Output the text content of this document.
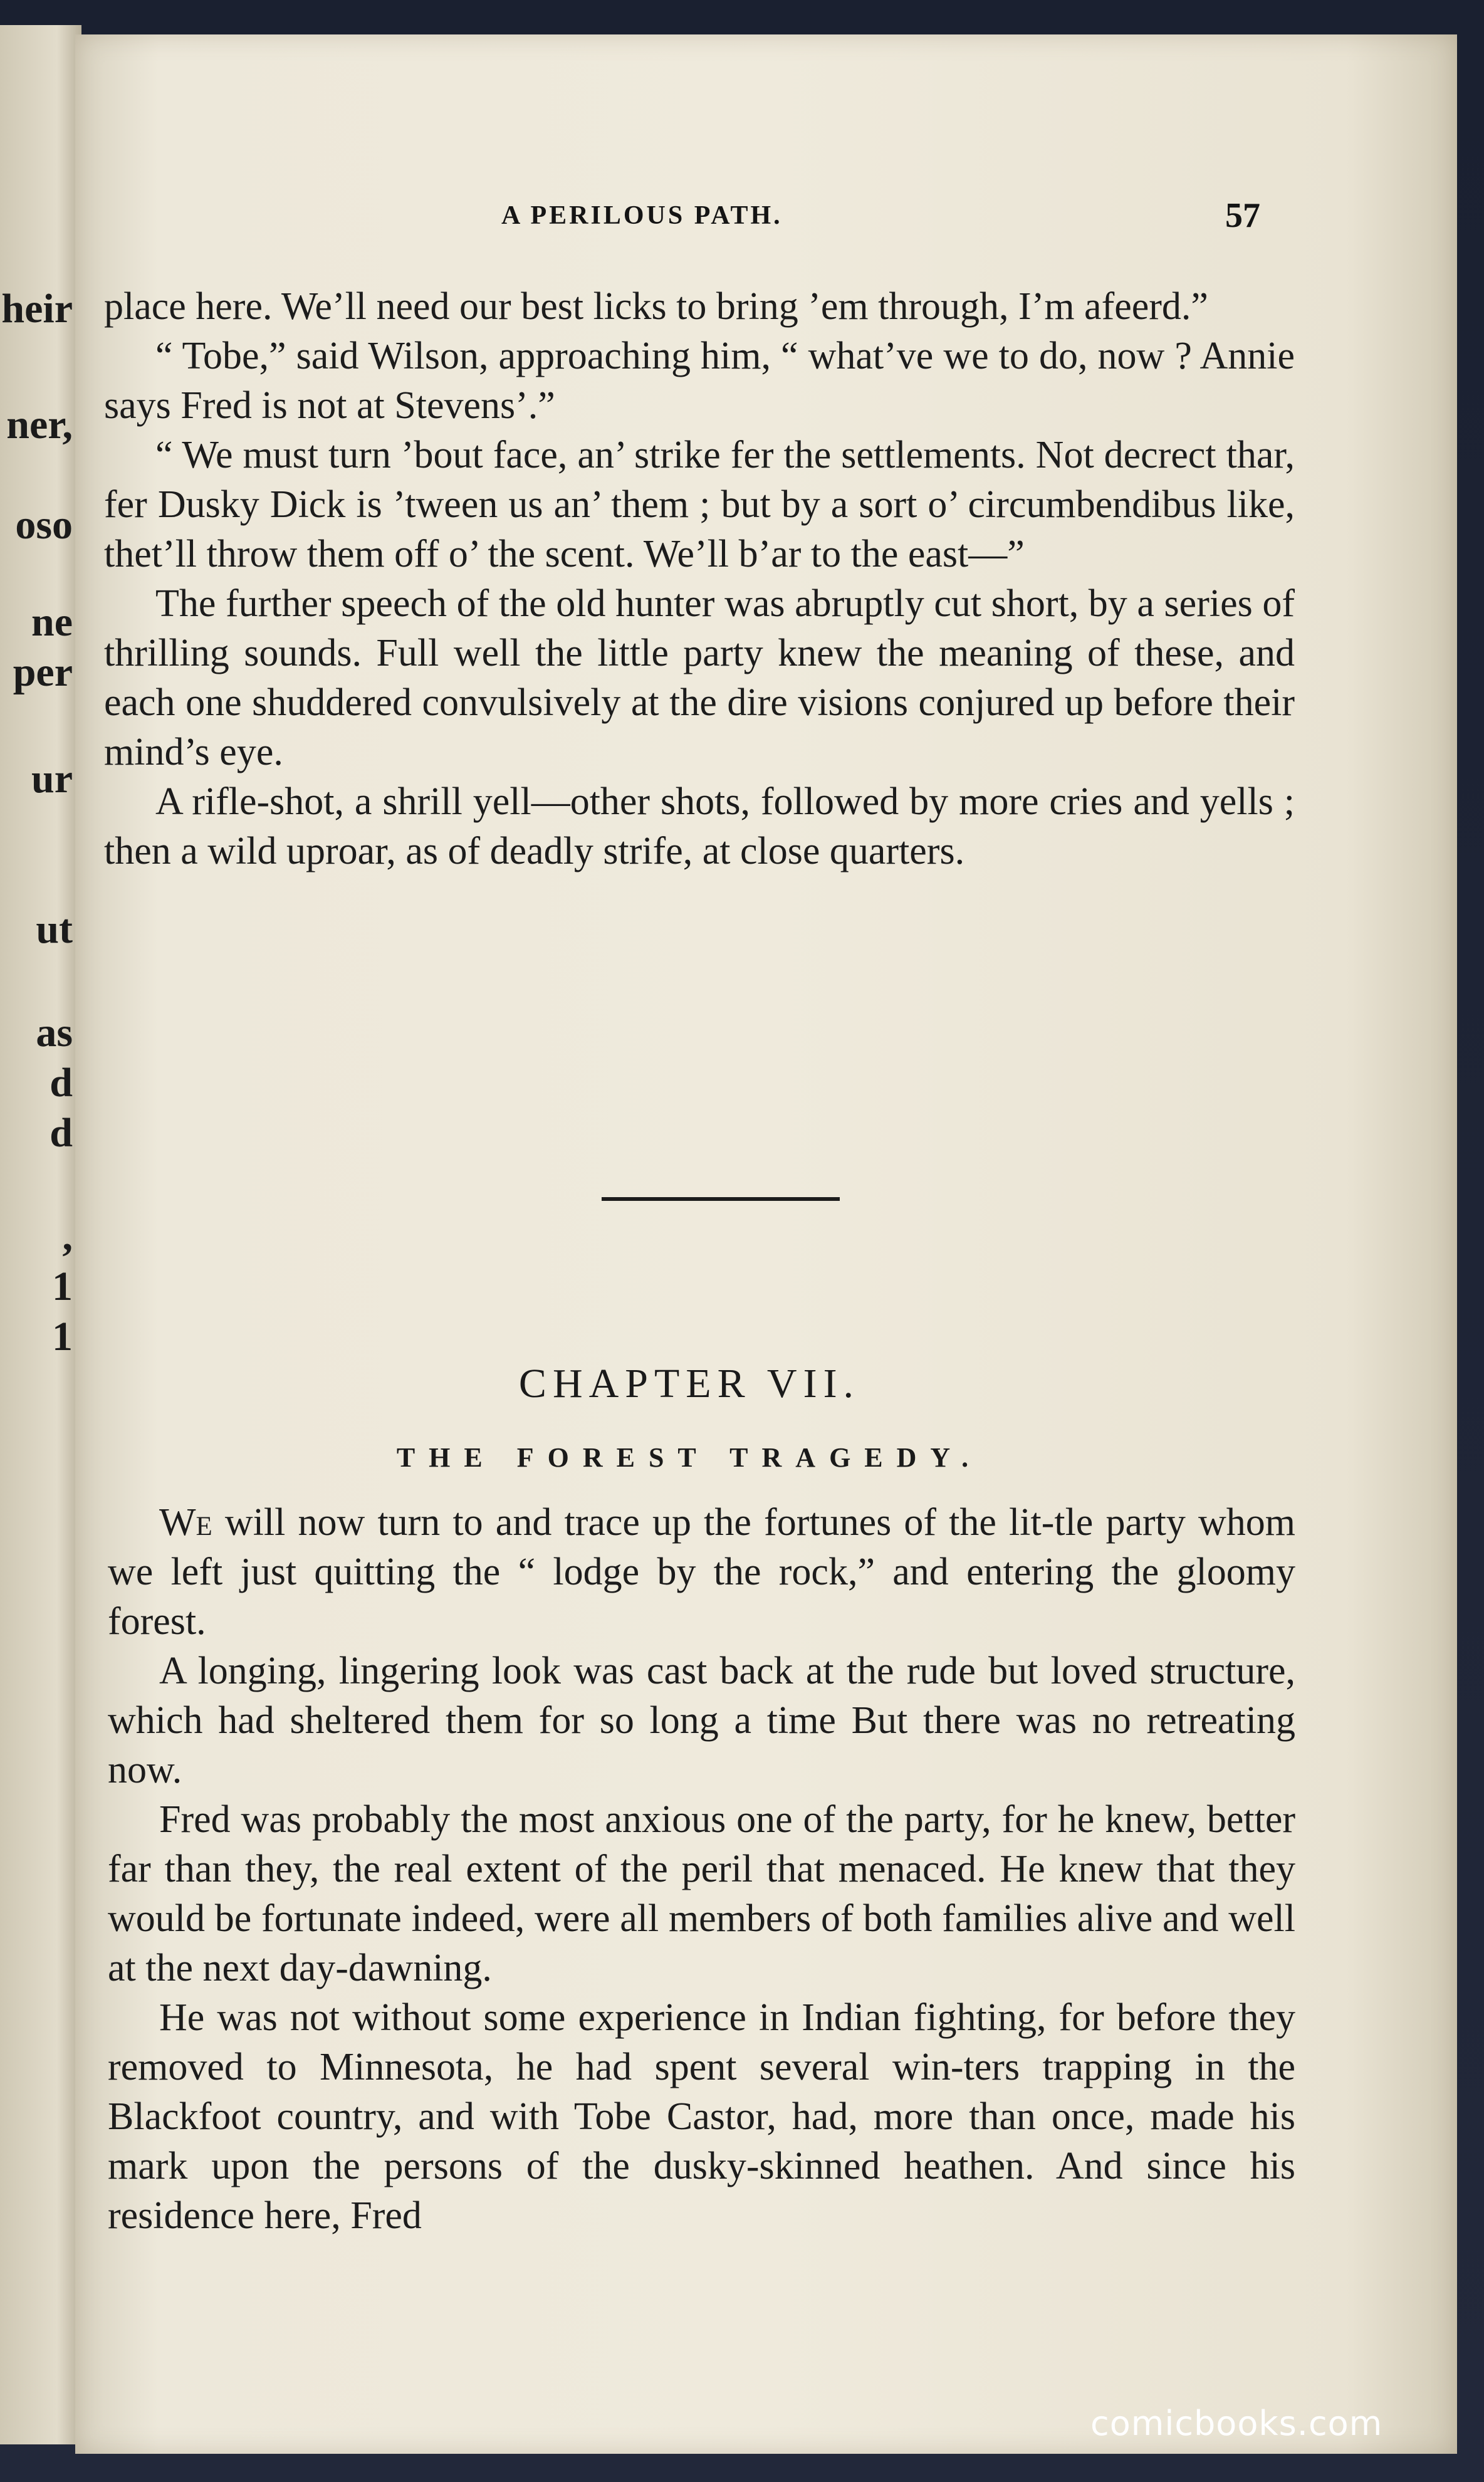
heir
ner,
oso
ne
per
ur
ut
as
d
d
,
1
1
A PERILOUS PATH.	57

place here. We’ll need our best licks to bring ’em through, I’m afeerd.”

“ Tobe,” said Wilson, approaching him, “ what’ve we to do, now ? Annie says Fred is not at Stevens’.”

“ We must turn ’bout face, an’ strike fer the settlements. Not decrect thar, fer Dusky Dick is ’tween us an’ them ; but by a sort o’ circumbendibus like, thet’ll throw them off o’ the scent. We’ll b’ar to the east—”

The further speech of the old hunter was abruptly cut short, by a series of thrilling sounds. Full well the little party knew the meaning of these, and each one shuddered convulsively at the dire visions conjured up before their mind’s eye.

A rifle-shot, a shrill yell—other shots, followed by more cries and yells ; then a wild uproar, as of deadly strife, at close quarters.

CHAPTER VII.
THE FOREST TRAGEDY.

We will now turn to and trace up the fortunes of the lit-tle party whom we left just quitting the “ lodge by the rock,” and entering the gloomy forest.

A longing, lingering look was cast back at the rude but loved structure, which had sheltered them for so long a time But there was no retreating now.

Fred was probably the most anxious one of the party, for he knew, better far than they, the real extent of the peril that menaced. He knew that they would be fortunate indeed, were all members of both families alive and well at the next day-dawning.

He was not without some experience in Indian fighting, for before they removed to Minnesota, he had spent several win-ters trapping in the Blackfoot country, and with Tobe Castor, had, more than once, made his mark upon the persons of the dusky-skinned heathen. And since his residence here, Fred

comicbooks.com
